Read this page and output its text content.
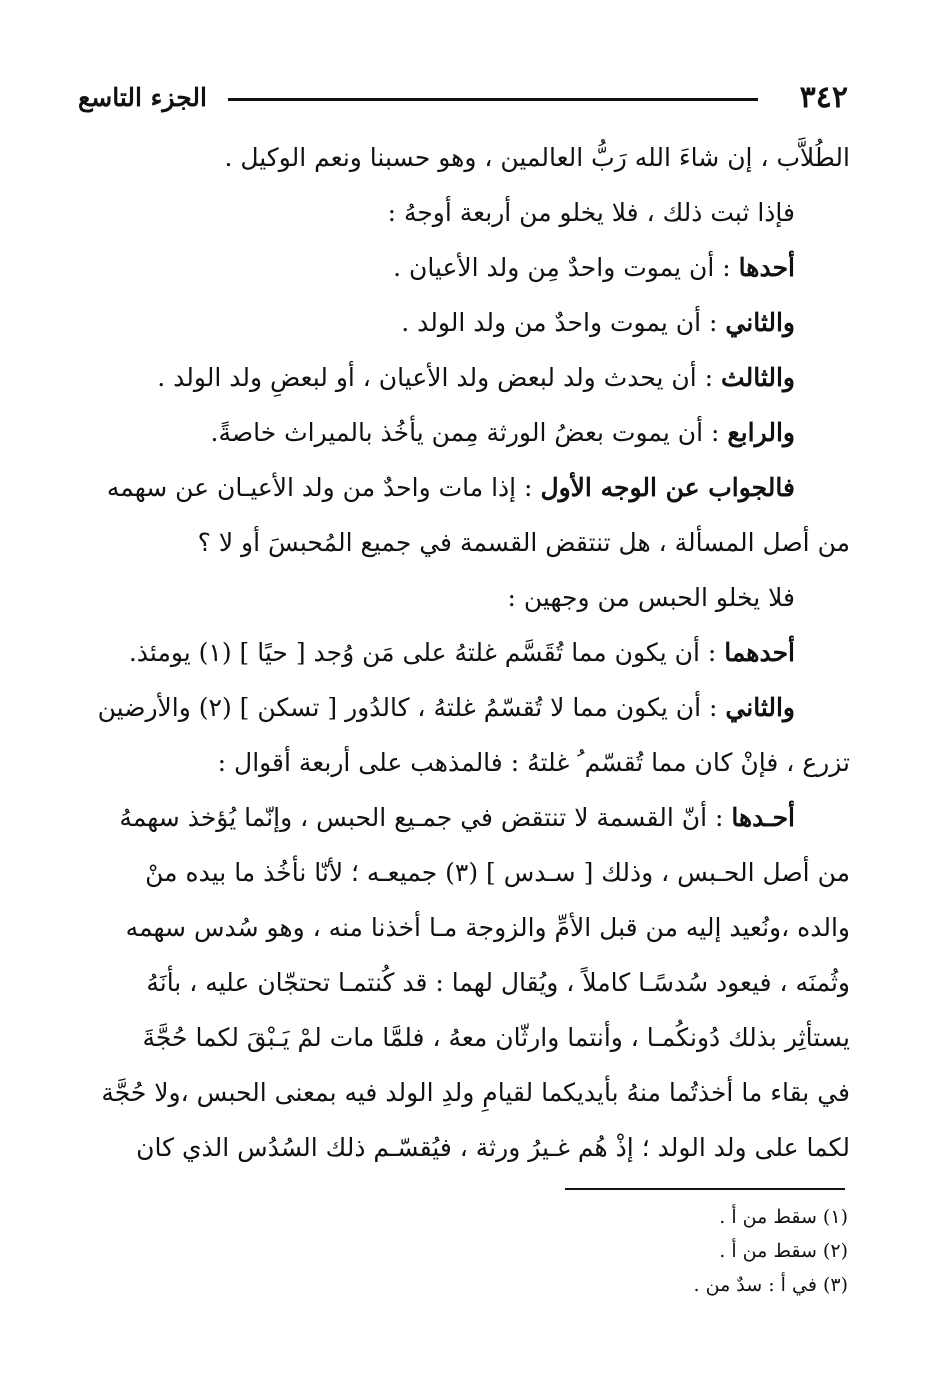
٣٤٢
الجزء التاسع
الطُلاَّب ، إن شاءَ الله رَبُّ العالمين ، وهو حسبنا ونعم الوكيل .
فإذا ثبت ذلك ، فلا يخلو من أربعة أوجهُ :
أحدها : أن يموت واحدٌ مِن ولد الأعيان .
والثاني : أن يموت واحدٌ من ولد الولد .
والثالث : أن يحدث ولد لبعض ولد الأعيان ، أو لبعضِ ولد الولد .
والرابع : أن يموت بعضُ الورثة مِمن يأخُذ بالميراث خاصةً.
فالجواب عن الوجه الأول : إذا مات واحدٌ من ولد الأعيـان عن سهمه
من أصل المسألة ، هل تنتقض القسمة في جميع المُحبسَ أو لا ؟
فلا يخلو الحبس من وجهين :
أحدهما : أن يكون مما تُقَسَّم غلتهُ على مَن وُجد [ حيًا ] (١) يومئذ.
والثاني : أن يكون مما لا تُقسّمُ غلتهُ ، كالدُور [ تسكن ] (٢) والأرضين
تزرع ، فإنْ كان مما تُقسّم ُ غلتهُ : فالمذهب على أربعة أقوال :
أحـدها : أنّ القسمة لا تنتقض في جمـيع الحبس ، وإنّما يُؤخذ سهمهُ
من أصل الحـبس ، وذلك [ سـدس ] (٣) جميعـه ؛ لأنّا نأخُذ ما بيده منْ
والده ،ونُعيد إليه من قبل الأمِّ والزوجة مـا أخذنا منه ، وهو سُدس سهمه
وثُمنَه ، فيعود سُدسًـا كاملاً ، ويُقال لهما : قد كُنتمـا تحتجّان عليه ، بأنَهُ
يستأثِر بذلك دُونكُمـا ، وأنتما وارثّان معهُ ، فلمَّا مات لمْ يَـبْقَ لكما حُجَّةَ
في بقاء ما أخذتُما منهُ بأيديكما لقيامِ ولدِ الولد فيه بمعنى الحبس ،ولا حُجَّة
لكما على ولد الولد ؛ إذْ هُم غـيرُ ورثة ، فيُقسّـم ذلك السُدُس الذي كان
(١) سقط من أ .
(٢) سقط من أ .
(٣) في أ : سدٌ من .
